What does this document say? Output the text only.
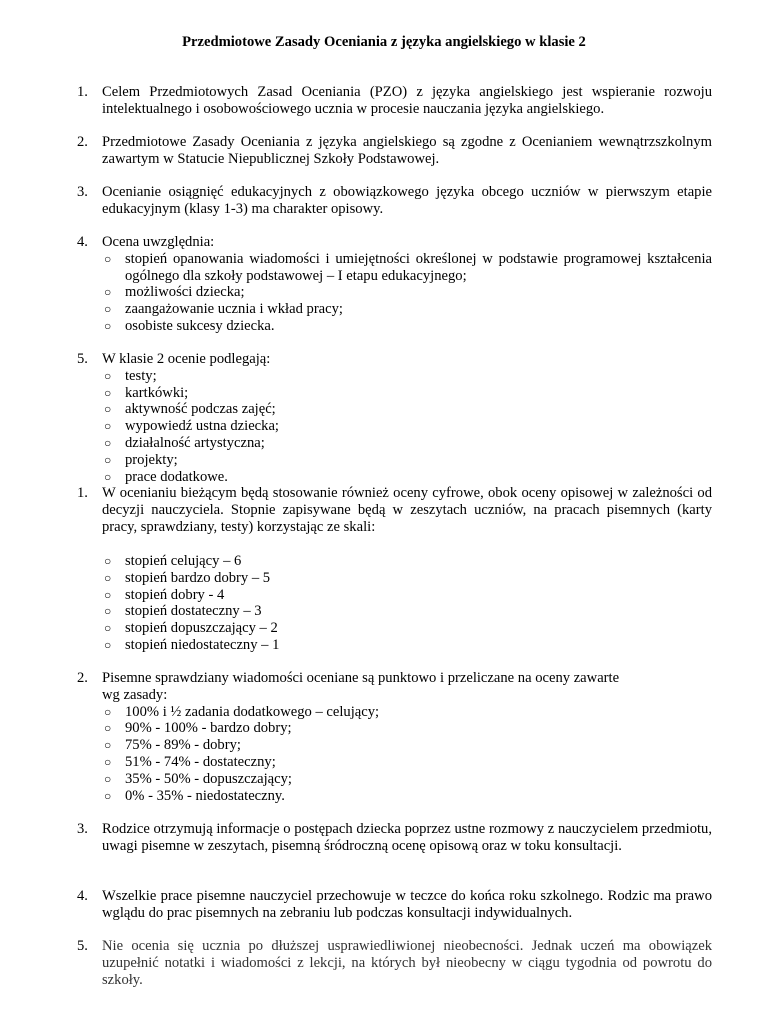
Przedmiotowe Zasady Oceniania z języka angielskiego w klasie 2
1. Celem Przedmiotowych Zasad Oceniania (PZO) z języka angielskiego jest wspieranie rozwoju intelektualnego i osobowościowego ucznia w procesie nauczania języka angielskiego.
2. Przedmiotowe Zasady Oceniania z języka angielskiego są zgodne z Ocenianiem wewnątrzszkolnym zawartym w Statucie Niepublicznej Szkoły Podstawowej.
3. Ocenianie osiągnięć edukacyjnych z obowiązkowego języka obcego uczniów w pierwszym etapie edukacyjnym (klasy 1-3) ma charakter opisowy.
4. Ocena uwzględnia:
○ stopień opanowania wiadomości i umiejętności określonej w podstawie programowej kształcenia ogólnego dla szkoły podstawowej – I etapu edukacyjnego;
○ możliwości dziecka;
○ zaangażowanie ucznia i wkład pracy;
○ osobiste sukcesy dziecka.
5. W klasie 2 ocenie podlegają:
○ testy;
○ kartkówki;
○ aktywność podczas zajęć;
○ wypowiedź ustna dziecka;
○ działalność artystyczna;
○ projekty;
○ prace dodatkowe.
1. W ocenianiu bieżącym będą stosowanie również oceny cyfrowe, obok oceny opisowej w zależności od decyzji nauczyciela. Stopnie zapisywane będą w zeszytach uczniów, na pracach pisemnych (karty pracy, sprawdziany, testy) korzystając ze skali:
○ stopień celujący – 6
○ stopień bardzo dobry – 5
○ stopień dobry - 4
○ stopień dostateczny – 3
○ stopień dopuszczający – 2
○ stopień niedostateczny – 1
2. Pisemne sprawdziany wiadomości oceniane są punktowo i przeliczane na oceny zawarte
wg zasady:
○ 100% i ½ zadania dodatkowego – celujący;
○ 90% - 100% - bardzo dobry;
○ 75% - 89% - dobry;
○ 51% - 74% - dostateczny;
○ 35% - 50% - dopuszczający;
○ 0% - 35% - niedostateczny.
3. Rodzice otrzymują informacje o postępach dziecka poprzez ustne rozmowy z nauczycielem przedmiotu, uwagi pisemne w zeszytach, pisemną śródroczną ocenę opisową oraz w toku konsultacji.
4. Wszelkie prace pisemne nauczyciel przechowuje w teczce do końca roku szkolnego. Rodzic ma prawo wglądu do prac pisemnych na zebraniu lub podczas konsultacji indywidualnych.
5. Nie ocenia się ucznia po dłuższej usprawiedliwionej nieobecności. Jednak uczeń ma obowiązek uzupełnić notatki i wiadomości z lekcji, na których był nieobecny w ciągu tygodnia od powrotu do szkoły.
